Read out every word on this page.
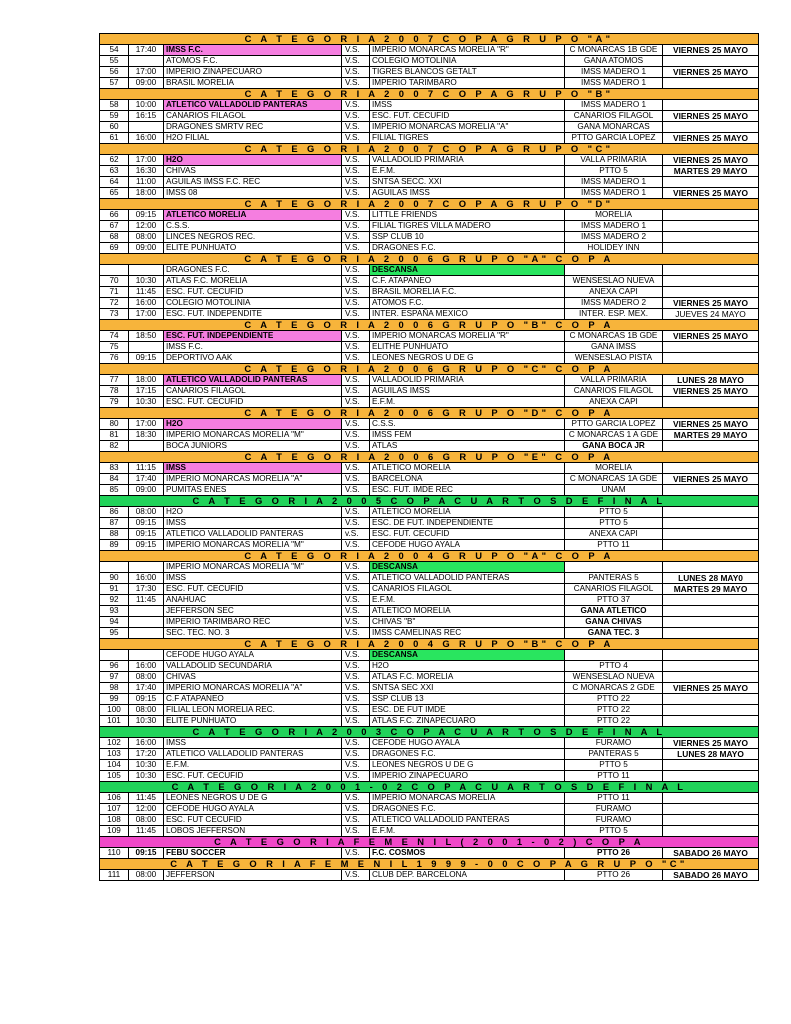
C A T E G O R I A 2 0 0 7 C O P A G R U P O "A"						
54	17:40	IMSS F.C.	V.S.	IMPERIO MONARCAS MORELIA "R"	C MONARCAS 1B GDE	VIERNES 25 MAYO
55		ATOMOS F.C.	V.S.	COLEGIO MOTOLINIA	GANA ATOMOS	
56	17:00	IMPERIO ZINAPECUARO	V.S.	TIGRES BLANCOS GETALT	IMSS MADERO 1	VIERNES 25 MAYO
57	09:00	BRASIL MORELIA	V.S.	IMPERIO TARIMBARO	IMSS MADERO 1	
C A T E G O R I A 2 0 0 7 C O P A G R U P O "B"						
58	10:00	ATLETICO VALLADOLID PANTERAS	V.S.	IMSS	IMSS MADERO 1	
59	16:15	CANARIOS FILAGOL	V.S.	ESC. FUT. CECUFID	CANARIOS FILAGOL	VIERNES 25 MAYO
60		DRAGONES SMRTV REC	V.S.	IMPERIO MONARCAS MORELIA "A"	GANA MONARCAS	
61	16:00	H2O FILIAL	V.S.	FILIAL TIGRES	PTTO GARCIA LOPEZ	VIERNES 25 MAYO
C A T E G O R I A 2 0 0 7 C O P A G R U P O "C"						
62	17:00	H2O	V.S.	VALLADOLID PRIMARIA	VALLA PRIMARIA	VIERNES 25 MAYO
63	16:30	CHIVAS	V.S.	E.F.M.	PTTO 5	MARTES 29 MAYO
64	11:00	AGUILAS IMSS F.C. REC	V.S.	SNTSA SECC. XXI	IMSS MADERO 1	
65	18:00	IMSS 08	V.S.	AGUILAS IMSS	IMSS MADERO 1	VIERNES 25 MAYO
C A T E G O R I A 2 0 0 7 C O P A G R U P O "D"						
66	09:15	ATLETICO MORELIA	V.S.	LITTLE FRIENDS	MORELIA	
67	12:00	C.S.S.	V.S.	FILIAL TIGRES VILLA MADERO	IMSS MADERO 1	
68	08:00	LINCES NEGROS REC.	V.S.	SSP CLUB 10	IMSS MADERO 2	
69	09:00	ELITE PUNHUATO	V.S.	DRAGONES F.C.	HOLIDEY INN	
C A T E G O R I A 2 0 0 6 G R U P O "A" C O P A						
		DRAGONES F.C.	V.S.	DESCANSA		
70	10:30	ATLAS F.C. MORELIA	V.S.	C.F. ATAPANEO	WENSESLAO NUEVA	
71	11:45	ESC. FUT. CECUFID	V.S.	BRASIL MORELIA F.C.	ANEXA CAPI	
72	16:00	COLEGIO MOTOLINIA	V.S.	ATOMOS F.C.	IMSS MADERO 2	VIERNES 25 MAYO
73	17:00	ESC. FUT. INDEPENDITE	V.S.	INTER. ESPAÑA MEXICO	INTER. ESP. MEX.	JUEVES 24 MAYO
C A T E G O R I A 2 0 0 6 G R U P O "B" C O P A						
74	18:50	ESC. FUT. INDEPENDIENTE	V.S.	IMPERIO MONARCAS MORELIA "R"	C MONARCAS 1B GDE	VIERNES 25 MAYO
75		IMSS F.C.	V.S.	ELITHE PUNHUATO	GANA IMSS	
76	09:15	DEPORTIVO AAK	V.S.	LEONES NEGROS U DE G	WENSESLAO PISTA	
C A T E G O R I A 2 0 0 6 G R U P O "C" C O P A						
77	18:00	ATLETICO VALLADOLID PANTERAS	V.S.	VALLADOLID PRIMARIA	VALLA PRIMARIA	LUNES 28 MAYO
78	17:15	CANARIOS FILAGOL	V.S.	AGUILAS IMSS	CANARIOS FILAGOL	VIERNES 25 MAYO
79	10:30	ESC. FUT. CECUFID	V.S.	E.F.M.	ANEXA CAPI	
C A T E G O R I A 2 0 0 6 G R U P O "D" C O P A						
80	17:00	H2O	V.S.	C.S.S.	PTTO GARCIA LOPEZ	VIERNES 25 MAYO
81	18:30	IMPERIO MONARCAS MORELIA "M"	V.S.	IMSS FEM	C MONARCAS 1 A GDE	MARTES 29 MAYO
82		BOCA JUNIORS	V.S.	ATLAS	GANA BOCA JR	
C A T E G O R I A 2 0 0 6 G R U P O "E" C O P A						
83	11:15	IMSS	V.S.	ATLETICO MORELIA	MORELIA	
84	17:40	IMPERIO MONARCAS MORELIA "A"	V.S.	BARCELONA	C MONARCAS 1A GDE	VIERNES 25 MAYO
85	09:00	PUMITAS ENES	V.S.	ESC. FUT. IMDE REC	UNAM	
C A T E G O R I A 2 0 0 5 C O P A C U A R T O S D E F I N A L						
86	08:00	H2O	V.S.	ATLETICO MORELIA	PTTO 5	
87	09:15	IMSS	V.S.	ESC. DE FUT. INDEPENDIENTE	PTTO 5	
88	09:15	ATLETICO VALLADOLID PANTERAS	v.S.	ESC. FUT. CECUFID	ANEXA CAPI	
89	09:15	IMPERIO MONARCAS MORELIA "M"	V.S.	CEFODE HUGO AYALA	PTTO 11	
C A T E G O R I A 2 0 0 4 G R U P O "A" C O P A						
		IMPERIO MONARCAS MORELIA "M"	V.S.	DESCANSA		
90	16:00	IMSS	V.S.	ATLETICO VALLADOLID PANTERAS	PANTERAS 5	LUNES 28 MAY0
91	17:30	ESC. FUT. CECUFID	V.S.	CANARIOS FILAGOL	CANARIOS FILAGOL	MARTES 29 MAYO
92	11:45	ANAHUAC	V.S.	E.F.M.	PTTO 37	
93		JEFFERSON SEC	V.S.	ATLETICO MORELIA	GANA ATLETICO	
94		IMPERIO TARIMBARO REC	V.S.	CHIVAS "B"	GANA CHIVAS	
95		SEC. TEC. NO. 3	V.S.	IMSS CAMELINAS REC	GANA TEC. 3	
C A T E G O R I A 2 0 0 4 G R U P O "B" C O P A						
		CEFODE HUGO AYALA	V.S.	DESCANSA		
96	16:00	VALLADOLID SECUNDARIA	V.S.	H2O	PTTO 4	
97	08:00	CHIVAS	V.S.	ATLAS F.C. MORELIA	WENSESLAO NUEVA	
98	17:40	IMPERIO MONARCAS MORELIA "A"	V.S.	SNTSA SEC XXI	C MONARCAS 2 GDE	VIERNES 25 MAYO
99	09:15	C.F ATAPANEO	V.S.	SSP CLUB 13	PTTO 22	
100	08:00	FILIAL LEON MORELIA REC.	V.S.	ESC. DE FUT IMDE	PTTO 22	
101	10:30	ELITE PUNHUATO	V.S.	ATLAS F.C. ZINAPECUARO	PTTO 22	
C A T E G O R I A 2 0 0 3 C O P A C U A R T O S D E F I N A L						
102	16:00	IMSS	V.S.	CEFODE HUGO AYALA	FURAMO	VIERNES 25 MAYO
103	17:20	ATLETICO VALLADOLID PANTERAS	V.S.	DRAGONES F.C.	PANTERAS 5	LUNES 28 MAYO
104	10:30	E.F.M.	V.S.	LEONES NEGROS U DE G	PTTO 5	
105	10:30	ESC. FUT. CECUFID	V.S.	IMPERIO ZINAPECUARO	PTTO 11	
C A T E G O R I A 2 0 0 1 - 0 2 C O P A C U A R T O S D E F I N A L						
106	11:45	LEONES NEGROS U DE G	V.S.	IMPERIO MONARCAS MORELIA	PTTO 11	
107	12:00	CEFODE HUGO AYALA	V.S.	DRAGONES F.C.	FURAMO	
108	08:00	ESC. FUT CECUFID	V.S.	ATLETICO VALLADOLID PANTERAS	FURAMO	
109	11:45	LOBOS JEFFERSON	V.S.	E.F.M.	PTTO 5	
C A T E G O R I A F E M E N I L ( 2 0 0 1 - 0 2 ) C O P A						
110	09:15	FEBU SOCCER	V.S.	F.C. COSMOS	PTTO 26	SABADO 26 MAYO
C A T E G O R I A F E M E N I L 1 9 9 9 - 0 0 C O P A G R U P O "C"						
111	08:00	JEFFERSON	V.S.	CLUB DEP. BARCELONA	PTTO 26	SABADO 26 MAYO
